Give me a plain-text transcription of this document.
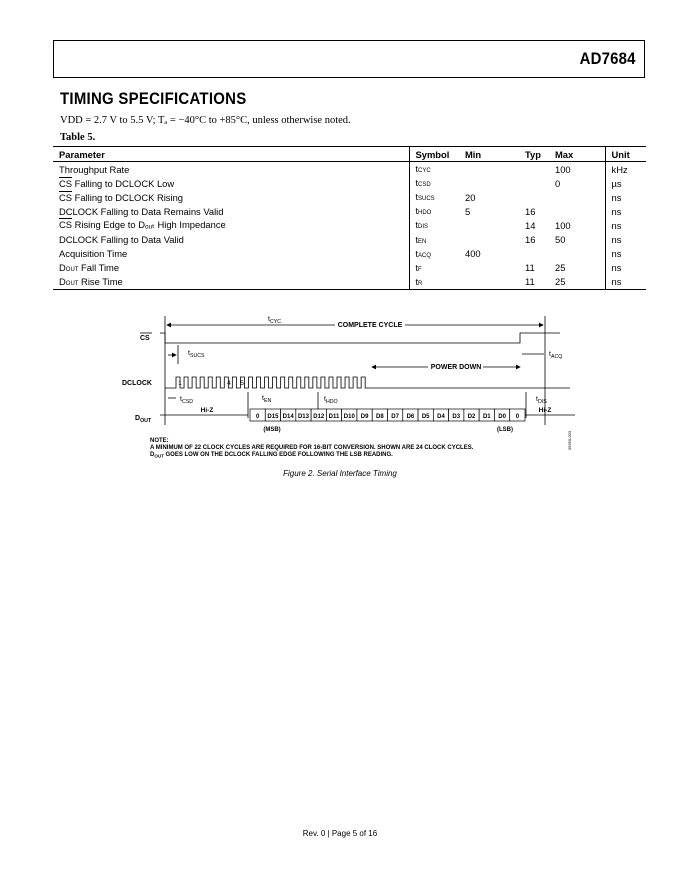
AD7684
TIMING SPECIFICATIONS
VDD = 2.7 V to 5.5 V; Tₐ = −40°C to +85°C, unless otherwise noted.
Table 5.
Parameter	Symbol	Min	Typ	Max	Unit
Throughput Rate	tCYC			100	kHz
$\overline{CS}$ Falling to DCLOCK Low	tCSD			0	µs
$\overline{CS}$ Falling to DCLOCK Rising	tSUCS	20			ns
DCLOCK Falling to Data Remains Valid	tHDO	5	16		ns
$\overline{CS}$ Rising Edge to Dₒᵤₜ High Impedance	tDIS		14	100	ns
DCLOCK Falling to Data Valid	tEN		16	50	ns
Acquisition Time	tACQ	400			ns
DOUT Fall Time	tF		11	25	ns
DOUT Rise Time	tR		11	25	ns
$t_{CYC}$	COMPLETE CYCLE
CS
$t_{SUCS}$
POWER DOWN
$t_{ACQ}$
DCLOCK	1	4 5
$t_{CSD}$	$t_{EN}$	$t_{HDO}$	$t_{DIS}$
$D_{OUT}$
Hi-Z	Hi-Z
0 D15 D14 D13 D12 D11 D10 D9 D8 D7 D6 D5 D4 D3 D2 D1 D0 0
(MSB)	(LSB)
NOTE:
A MINIMUM OF 22 CLOCK CYCLES ARE REQUIRED FOR 16-BIT CONVERSION. SHOWN ARE 24 CLOCK CYCLES.
$D_{OUT}$ GOES LOW ON THE DCLOCK FALLING EDGE FOLLOWING THE LSB READING.
05950-003
Figure 2. Serial Interface Timing
Rev. 0 | Page 5 of 16
